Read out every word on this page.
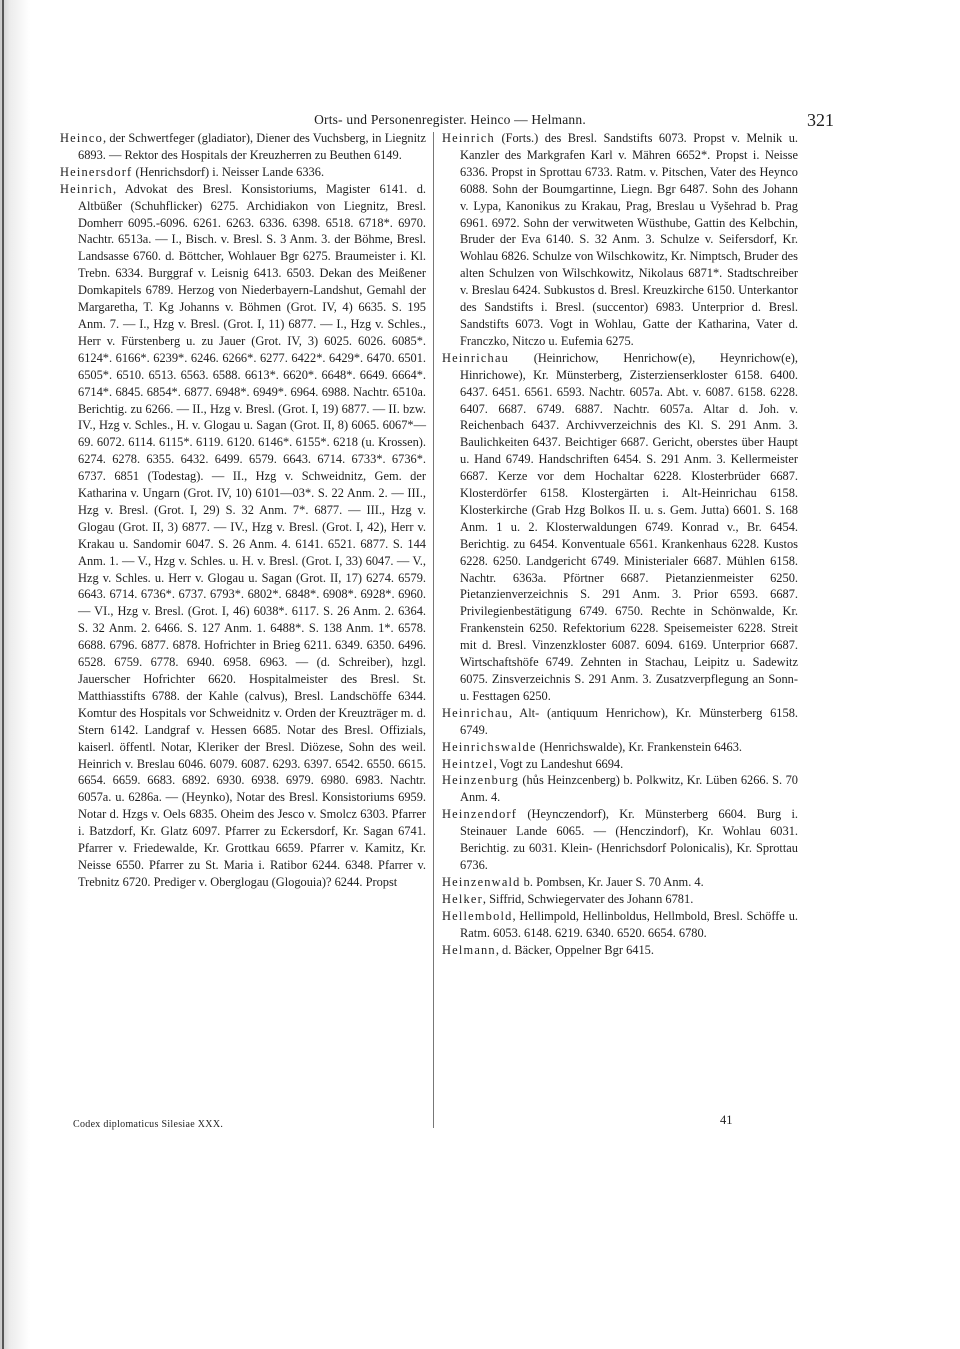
Orts- und Personenregister. Heinco — Helmann.	321

Heinco, der Schwertfeger (gladiator), Diener des Vuchsberg, in Liegnitz 6893. — Rektor des Hospitals der Kreuzherren zu Beuthen 6149.

Heinersdorf (Henrichsdorf) i. Neisser Lande 6336.

Heinrich, Advokat des Bresl. Konsistoriums, Magister 6141. d. Altbüßer (Schuhflicker) 6275. Archidiakon von Liegnitz, Bresl. Domherr 6095.-6096. 6261. 6263. 6336. 6398. 6518. 6718*. 6970. Nachtr. 6513a. — I., Bisch. v. Bresl. S. 3 Anm. 3. der Böhme, Bresl. Landsasse 6760. d. Böttcher, Wohlauer Bgr 6275. Braumeister i. Kl. Trebn. 6334. Burggraf v. Leisnig 6413. 6503. Dekan des Meißener Domkapitels 6789. Herzog von Niederbayern-Landshut, Gemahl der Margaretha, T. Kg Johanns v. Böhmen (Grot. IV, 4) 6635. S. 195 Anm. 7. — I., Hzg v. Bresl. (Grot. I, 11) 6877. — I., Hzg v. Schles., Herr v. Fürstenberg u. zu Jauer (Grot. IV, 3) 6025. 6026. 6085*. 6124*. 6166*. 6239*. 6246. 6266*. 6277. 6422*. 6429*. 6470. 6501. 6505*. 6510. 6513. 6563. 6588. 6613*. 6620*. 6648*. 6649. 6664*. 6714*. 6845. 6854*. 6877. 6948*. 6949*. 6964. 6988. Nachtr. 6510a. Berichtig. zu 6266. — II., Hzg v. Bresl. (Grot. I, 19) 6877. — II. bzw. IV., Hzg v. Schles., H. v. Glogau u. Sagan (Grot. II, 8) 6065. 6067*—69. 6072. 6114. 6115*. 6119. 6120. 6146*. 6155*. 6218 (u. Krossen). 6274. 6278. 6355. 6432. 6499. 6579. 6643. 6714. 6733*. 6736*. 6737. 6851 (Todestag). — II., Hzg v. Schweidnitz, Gem. der Katharina v. Ungarn (Grot. IV, 10) 6101—03*. S. 22 Anm. 2. — III., Hzg v. Bresl. (Grot. I, 29) S. 32 Anm. 7*. 6877. — III., Hzg v. Glogau (Grot. II, 3) 6877. — IV., Hzg v. Bresl. (Grot. I, 42), Herr v. Krakau u. Sandomir 6047. S. 26 Anm. 4. 6141. 6521. 6877. S. 144 Anm. 1. — V., Hzg v. Schles. u. H. v. Bresl. (Grot. I, 33) 6047. — V., Hzg v. Schles. u. Herr v. Glogau u. Sagan (Grot. II, 17) 6274. 6579. 6643. 6714. 6736*. 6737. 6793*. 6802*. 6848*. 6908*. 6928*. 6960. — VI., Hzg v. Bresl. (Grot. I, 46) 6038*. 6117. S. 26 Anm. 2. 6364. S. 32 Anm. 2. 6466. S. 127 Anm. 1. 6488*. S. 138 Anm. 1*. 6578. 6688. 6796. 6877. 6878. Hofrichter in Brieg 6211. 6349. 6350. 6496. 6528. 6759. 6778. 6940. 6958. 6963. — (d. Schreiber), hzgl. Jauerscher Hofrichter 6620. Hospitalmeister des Bresl. St. Matthiasstifts 6788. der Kahle (calvus), Bresl. Landschöffe 6344. Komtur des Hospitals vor Schweidnitz v. Orden der Kreuzträger m. d. Stern 6142. Landgraf v. Hessen 6685. Notar des Bresl. Offizials, kaiserl. öffentl. Notar, Kleriker der Bresl. Diözese, Sohn des weil. Heinrich v. Breslau 6046. 6079. 6087. 6293. 6397. 6542. 6550. 6615. 6654. 6659. 6683. 6892. 6930. 6938. 6979. 6980. 6983. Nachtr. 6057a. u. 6286a. — (Heynko), Notar des Bresl. Konsistoriums 6959. Notar d. Hzgs v. Oels 6835. Oheim des Jesco v. Smolcz 6303. Pfarrer i. Batzdorf, Kr. Glatz 6097. Pfarrer zu Eckersdorf, Kr. Sagan 6741. Pfarrer v. Friedewalde, Kr. Grottkau 6659. Pfarrer v. Kamitz, Kr. Neisse 6550. Pfarrer zu St. Maria i. Ratibor 6244. 6348. Pfarrer v. Trebnitz 6720. Prediger v. Oberglogau (Glogouia)? 6244. Propst

Heinrich (Forts.) des Bresl. Sandstifts 6073. Propst v. Melnik u. Kanzler des Markgrafen Karl v. Mähren 6652*. Propst i. Neisse 6336. Propst in Sprottau 6733. Ratm. v. Pitschen, Vater des Heynco 6088. Sohn der Boumgartinne, Liegn. Bgr 6487. Sohn des Johann v. Lypa, Kanonikus zu Krakau, Prag, Breslau u Vyšehrad b. Prag 6961. 6972. Sohn der verwitweten Wüsthube, Gattin des Kelbchin, Bruder der Eva 6140. S. 32 Anm. 3. Schulze v. Seifersdorf, Kr. Wohlau 6826. Schulze von Wilschkowitz, Kr. Nimptsch, Bruder des alten Schulzen von Wilschkowitz, Nikolaus 6871*. Stadtschreiber v. Breslau 6424. Subkustos d. Bresl. Kreuzkirche 6150. Unterkantor des Sandstifts i. Bresl. (succentor) 6983. Unterprior d. Bresl. Sandstifts 6073. Vogt in Wohlau, Gatte der Katharina, Vater d. Franczko, Nitczo u. Eufemia 6275.

Heinrichau (Heinrichow, Henrichow(e), Heynrichow(e), Hinrichowe), Kr. Münsterberg, Zisterzienserkloster 6158. 6400. 6437. 6451. 6561. 6593. Nachtr. 6057a. Abt. v. 6087. 6158. 6228. 6407. 6687. 6749. 6887. Nachtr. 6057a. Altar d. Joh. v. Reichenbach 6437. Archivverzeichnis des Kl. S. 291 Anm. 3. Baulichkeiten 6437. Beichtiger 6687. Gericht, oberstes über Haupt u. Hand 6749. Handschriften 6454. S. 291 Anm. 3. Kellermeister 6687. Kerze vor dem Hochaltar 6228. Klosterbrüder 6687. Klosterdörfer 6158. Klostergärten i. Alt-Heinrichau 6158. Klosterkirche (Grab Hzg Bolkos II. u. s. Gem. Jutta) 6601. S. 168 Anm. 1 u. 2. Klosterwaldungen 6749. Konrad v., Br. 6454. Berichtig. zu 6454. Konventuale 6561. Krankenhaus 6228. Kustos 6228. 6250. Landgericht 6749. Ministerialer 6687. Mühlen 6158. Nachtr. 6363a. Pförtner 6687. Pietanzienmeister 6250. Pietanzienverzeichnis S. 291 Anm. 3. Prior 6593. 6687. Privilegienbestätigung 6749. 6750. Rechte in Schönwalde, Kr. Frankenstein 6250. Refektorium 6228. Speisemeister 6228. Streit mit d. Bresl. Vinzenzkloster 6087. 6094. 6169. Unterprior 6687. Wirtschaftshöfe 6749. Zehnten in Stachau, Leipitz u. Sadewitz 6075. Zinsverzeichnis S. 291 Anm. 3. Zusatzverpflegung an Sonn- u. Festtagen 6250.

Heinrichau, Alt- (antiquum Henrichow), Kr. Münsterberg 6158. 6749.

Heinrichswalde (Henrichswalde), Kr. Frankenstein 6463.

Heintzel, Vogt zu Landeshut 6694.

Heinzenburg (hůs Heinzcenberg) b. Polkwitz, Kr. Lüben 6266. S. 70 Anm. 4.

Heinzendorf (Heynczendorf), Kr. Münsterberg 6604. Burg i. Steinauer Lande 6065. — (Henczindorf), Kr. Wohlau 6031. Berichtig. zu 6031. Klein- (Henrichsdorf Polonicalis), Kr. Sprottau 6736.

Heinzenwald b. Pombsen, Kr. Jauer S. 70 Anm. 4.

Helker, Siffrid, Schwiegervater des Johann 6781.

Hellembold, Hellimpold, Hellinboldus, Hellmbold, Bresl. Schöffe u. Ratm. 6053. 6148. 6219. 6340. 6520. 6654. 6780.

Helmann, d. Bäcker, Oppelner Bgr 6415.

Codex diplomaticus Silesiae XXX.	41
